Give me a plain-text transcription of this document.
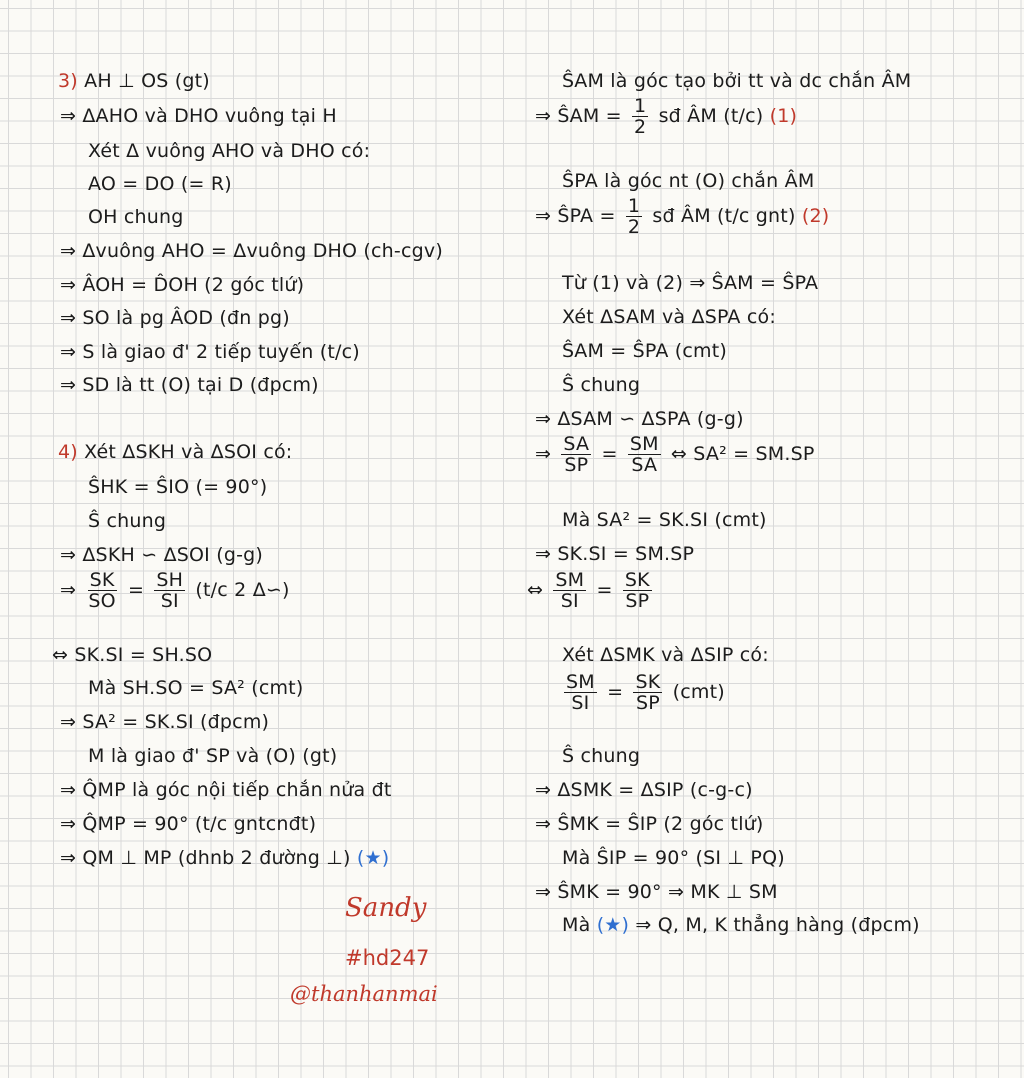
3) AH ⊥ OS (gt)
⇒ ΔAHO và DHO vuông tại H
Xét Δ vuông AHO và DHO có:
AO = DO (= R)
OH chung
⇒ Δvuông AHO = Δvuông DHO (ch-cgv)
⇒ ÂOH = D̂OH (2 góc tlứ)
⇒ SO là pg ÂOD (đn pg)
⇒ S là giao đ' 2 tiếp tuyến (t/c)
⇒ SD là tt (O) tại D (đpcm)
4) Xét ΔSKH và ΔSOI có:
ŜHK = ŜIO (= 90°)
Ŝ chung
⇒ ΔSKH ∽ ΔSOI (g-g)
⇒ $\frac{SK}{SO} = \frac{SH}{SI} (t/c$ 2 Δ∽)
⇔ SK.SI = SH.SO
Mà SH.SO = SA² (cmt)
⇒ SA² = SK.SI (đpcm)
M là giao đ' SP và (O) (gt)
⇒ Q̂MP là góc nội tiếp chắn nửa đt
⇒ Q̂MP = 90° (t/c gntcnđt)
⇒ QM ⊥ MP (dhnb 2 đường ⊥) (★)
ŜAM là góc tạo bởi tt và dc chắn ÂM
⇒ ŜAM = $\frac{1}{2}$ sđ ÂM (t/c) (1)
ŜPA là góc nt (O) chắn ÂM
⇒ ŜPA = $\frac{1}{2}$ sđ ÂM (t/c gnt) (2)
Từ (1) và (2) ⇒ ŜAM = ŜPA
Xét ΔSAM và ΔSPA có:
ŜAM = ŜPA (cmt)
Ŝ chung
⇒ ΔSAM ∽ ΔSPA (g-g)
⇒ $\frac{SA}{SP} = \frac{SM}{SA}$ ⇔ SA² = SM.SP
Mà SA² = SK.SI (cmt)
⇒ SK.SI = SM.SP
⇔ $\frac{SM}{SI} = \frac{SK}{SP}$
Xét ΔSMK và ΔSIP có:
$\frac{SM}{SI} = \frac{SK}{SP} (cmt)$
Ŝ chung
⇒ ΔSMK = ΔSIP (c-g-c)
⇒ ŜMK = ŜIP (2 góc tlứ)
Mà ŜIP = 90° (SI ⊥ PQ)
⇒ ŜMK = 90° ⇒ MK ⊥ SM
Mà (★) ⇒ Q, M, K thẳng hàng (đpcm)
Sandy
#hd247
@thanhanmai
